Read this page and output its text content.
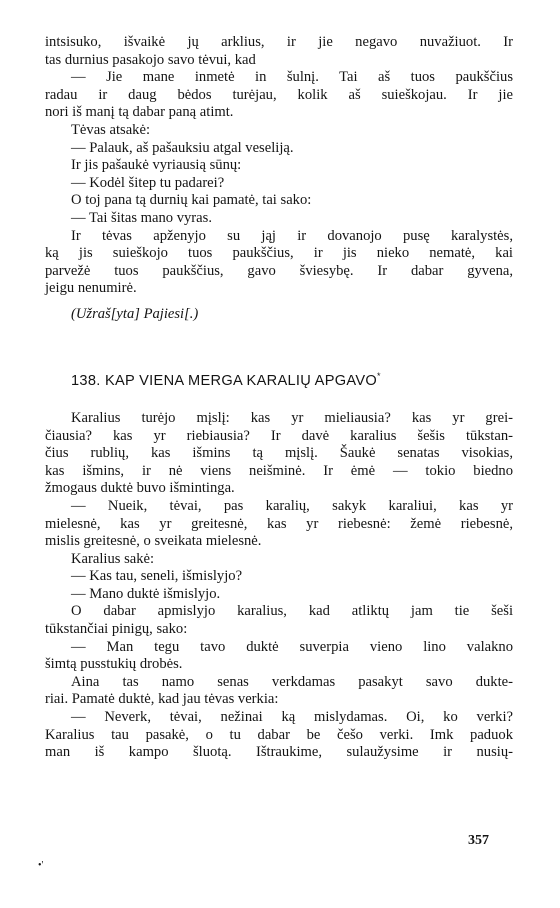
intsisuko, išvaikė jų arklius, ir jie negavo nuvažiuot. Ir
tas durnius pasakojo savo tėvui, kad
— Jie mane inmetė in šulnį. Tai aš tuos paukščius
radau ir daug bėdos turėjau, kolik aš suieškojau. Ir jie
nori iš manį tą dabar paną atimt.
Tėvas atsakė:
— Palauk, aš pašauksiu atgal veseliją.
Ir jis pašaukė vyriausią sūnų:
— Kodėl šitep tu padarei?
O toj pana tą durnių kai pamatė, tai sako:
— Tai šitas mano vyras.
Ir tėvas apženyjo su jąj ir dovanojo pusę karalystės,
ką jis suieškojo tuos paukščius, ir jis nieko nematė, kai
parvežė tuos paukščius, gavo šviesybę. Ir dabar gyvena,
jeigu nenumirė.
(Užraš[yta] Pajiesi[.)
138. KAP VIENA MERGA KARALIŲ APGAVO*
Karalius turėjo mįslį: kas yr mieliausia? kas yr grei-
čiausia? kas yr riebiausia? Ir davė karalius šešis tūkstan-
čius rublių, kas išmins tą mįslį. Šaukė senatas visokias,
kas išmins, ir nė viens neišminė. Ir ėmė — tokio biedno
žmogaus duktė buvo išmintinga.
— Nueik, tėvai, pas karalių, sakyk karaliui, kas yr
mielesnė, kas yr greitesnė, kas yr riebesnė: žemė riebesnė,
mislis greitesnė, o sveikata mielesnė.
Karalius sakė:
— Kas tau, seneli, išmislyjo?
— Mano duktė išmislyjo.
O dabar apmislyjo karalius, kad atliktų jam tie šeši
tūkstančiai pinigų, sako:
— Man tegu tavo duktė suverpia vieno lino valakno
šimtą pusstukių drobės.
Aina tas namo senas verkdamas pasakyt savo dukte-
riai. Pamatė duktė, kad jau tėvas verkia:
— Neverk, tėvai, nežinai ką mislydamas. Oi, ko verki?
Karalius tau pasakė, o tu dabar be češo verki. Imk paduok
man iš kampo šluotą. Ištraukime, sulaužysime ir nusių-
357
•'
